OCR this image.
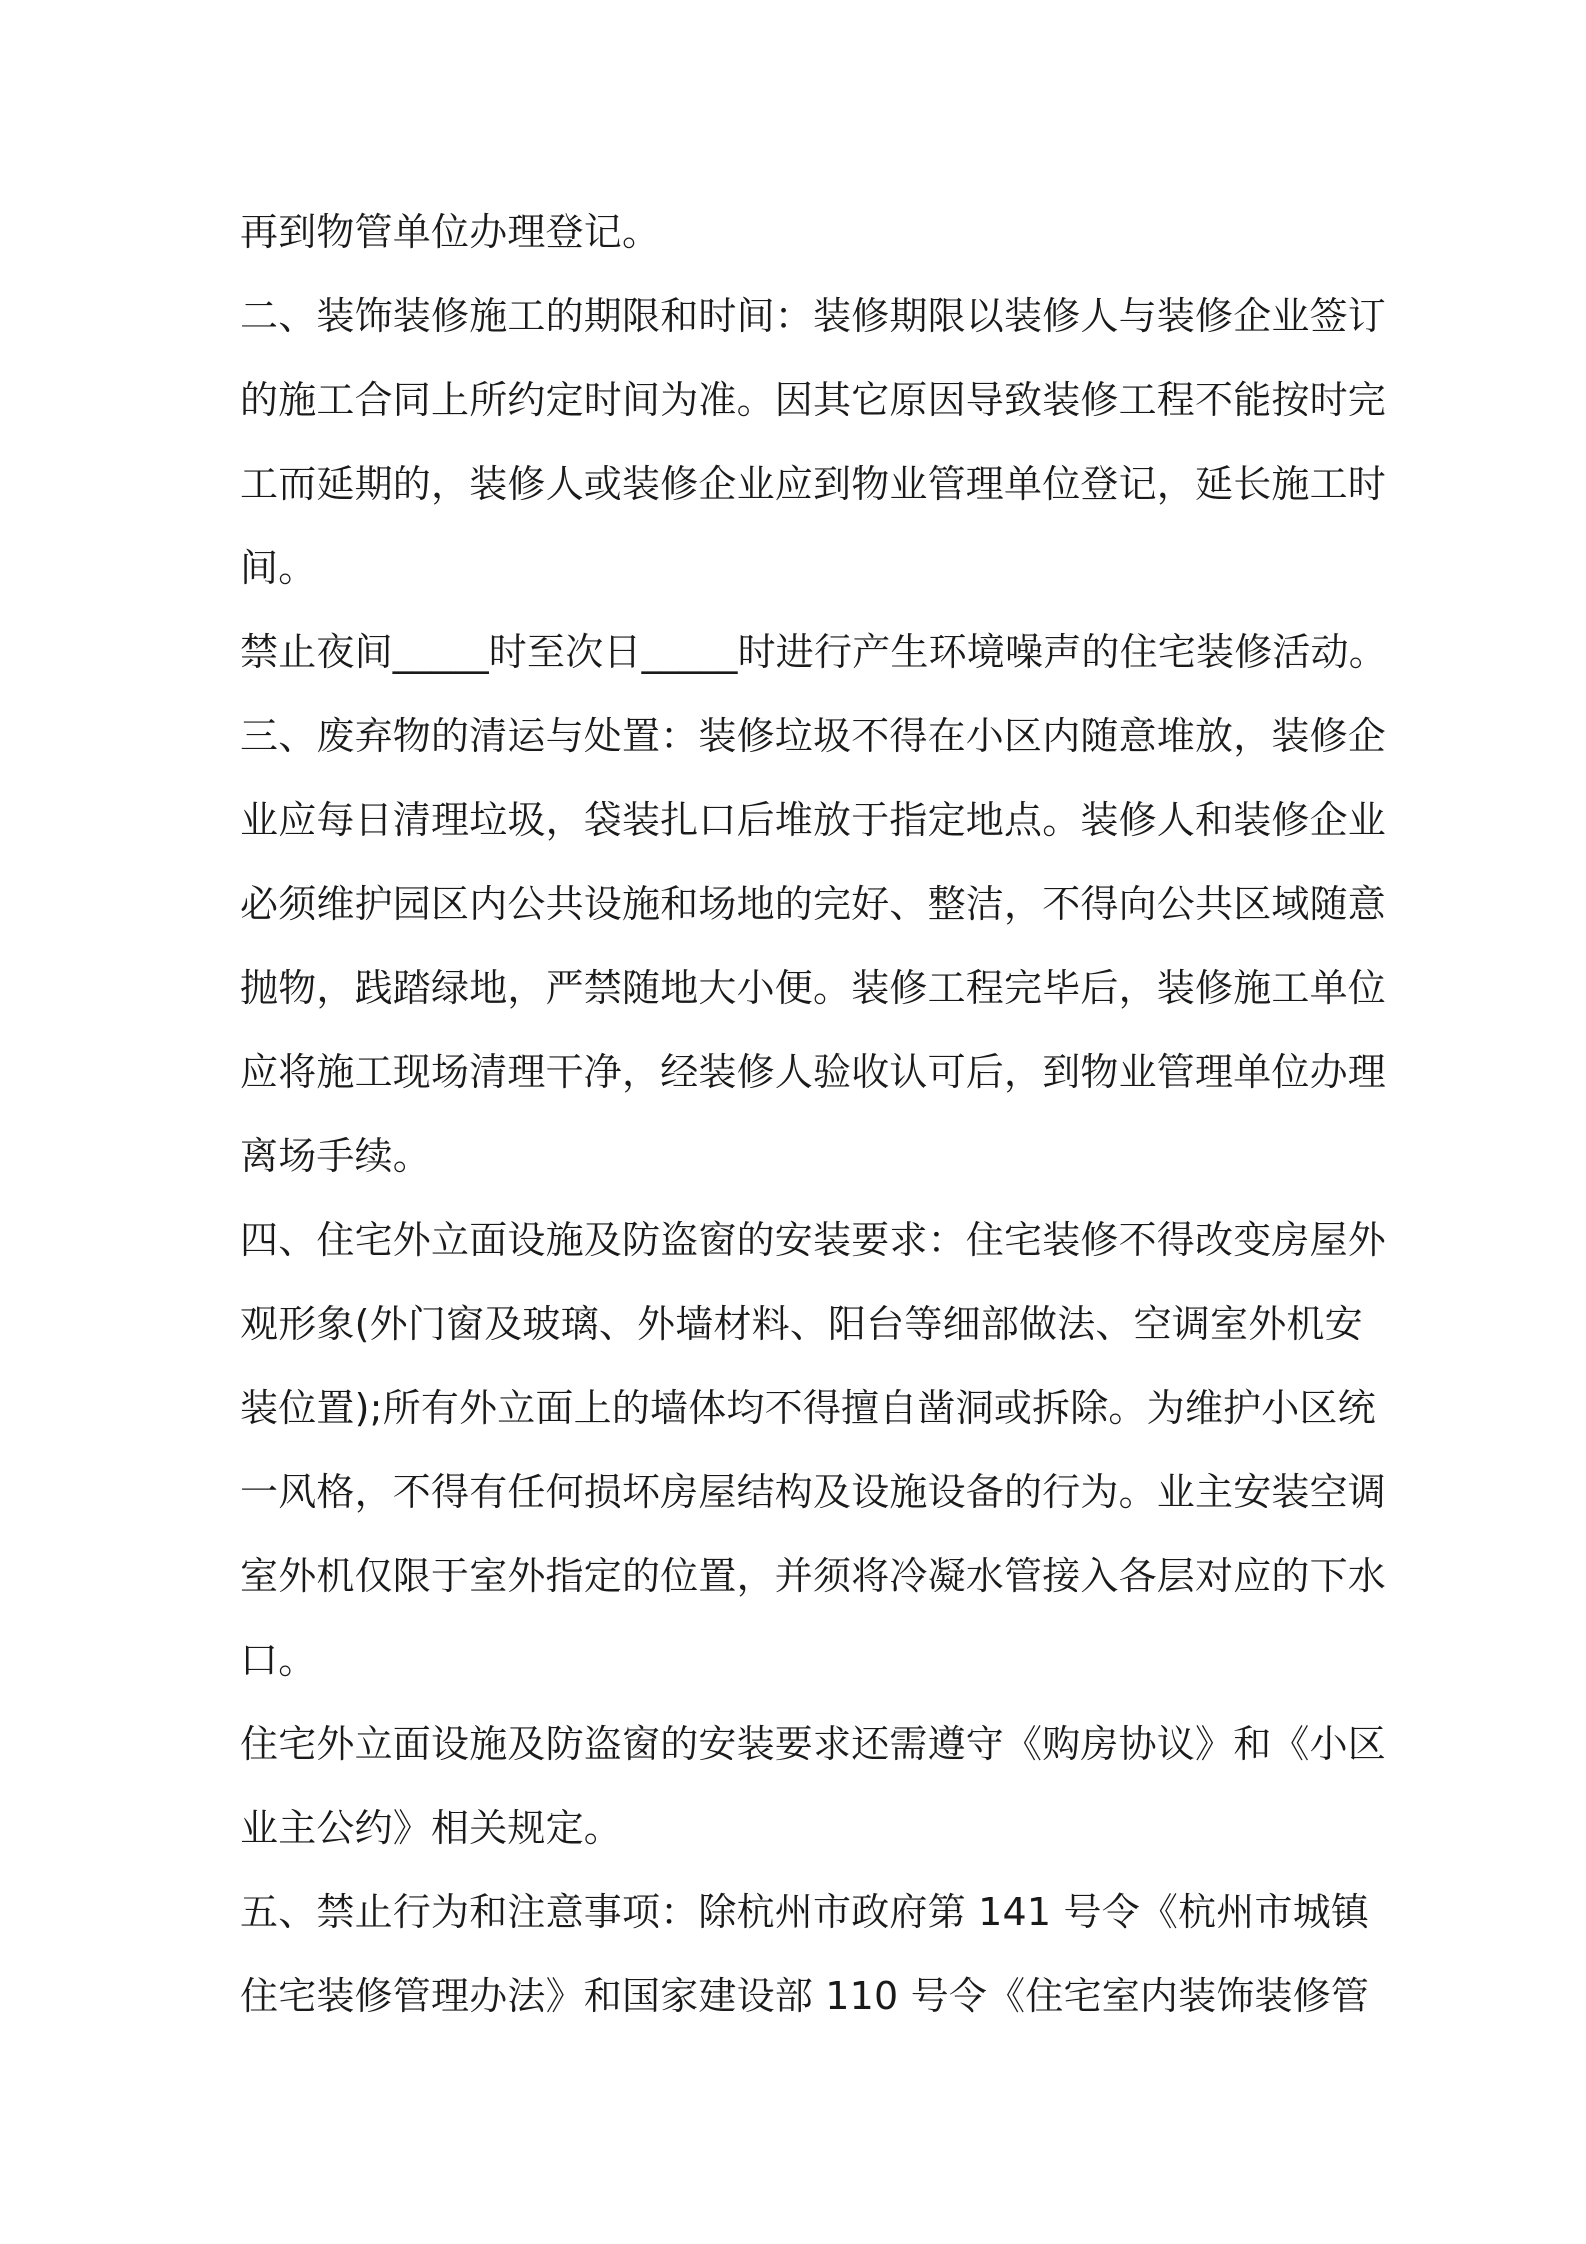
再到物管单位办理登记。
二、装饰装修施工的期限和时间：装修期限以装修人与装修企业签订
的施工合同上所约定时间为准。因其它原因导致装修工程不能按时完
工而延期的，装修人或装修企业应到物业管理单位登记，延长施工时
间。
禁止夜间_____时至次日_____时进行产生环境噪声的住宅装修活动。
三、废弃物的清运与处置：装修垃圾不得在小区内随意堆放，装修企
业应每日清理垃圾，袋装扎口后堆放于指定地点。装修人和装修企业
必须维护园区内公共设施和场地的完好、整洁，不得向公共区域随意
抛物，践踏绿地，严禁随地大小便。装修工程完毕后，装修施工单位
应将施工现场清理干净，经装修人验收认可后，到物业管理单位办理
离场手续。
四、住宅外立面设施及防盗窗的安装要求：住宅装修不得改变房屋外
观形象(外门窗及玻璃、外墙材料、阳台等细部做法、空调室外机安
装位置);所有外立面上的墙体均不得擅自凿洞或拆除。为维护小区统
一风格，不得有任何损坏房屋结构及设施设备的行为。业主安装空调
室外机仅限于室外指定的位置，并须将冷凝水管接入各层对应的下水
口。
住宅外立面设施及防盗窗的安装要求还需遵守《购房协议》和《小区
业主公约》相关规定。
五、禁止行为和注意事项：除杭州市政府第 141 号令《杭州市城镇
住宅装修管理办法》和国家建设部 110 号令《住宅室内装饰装修管
